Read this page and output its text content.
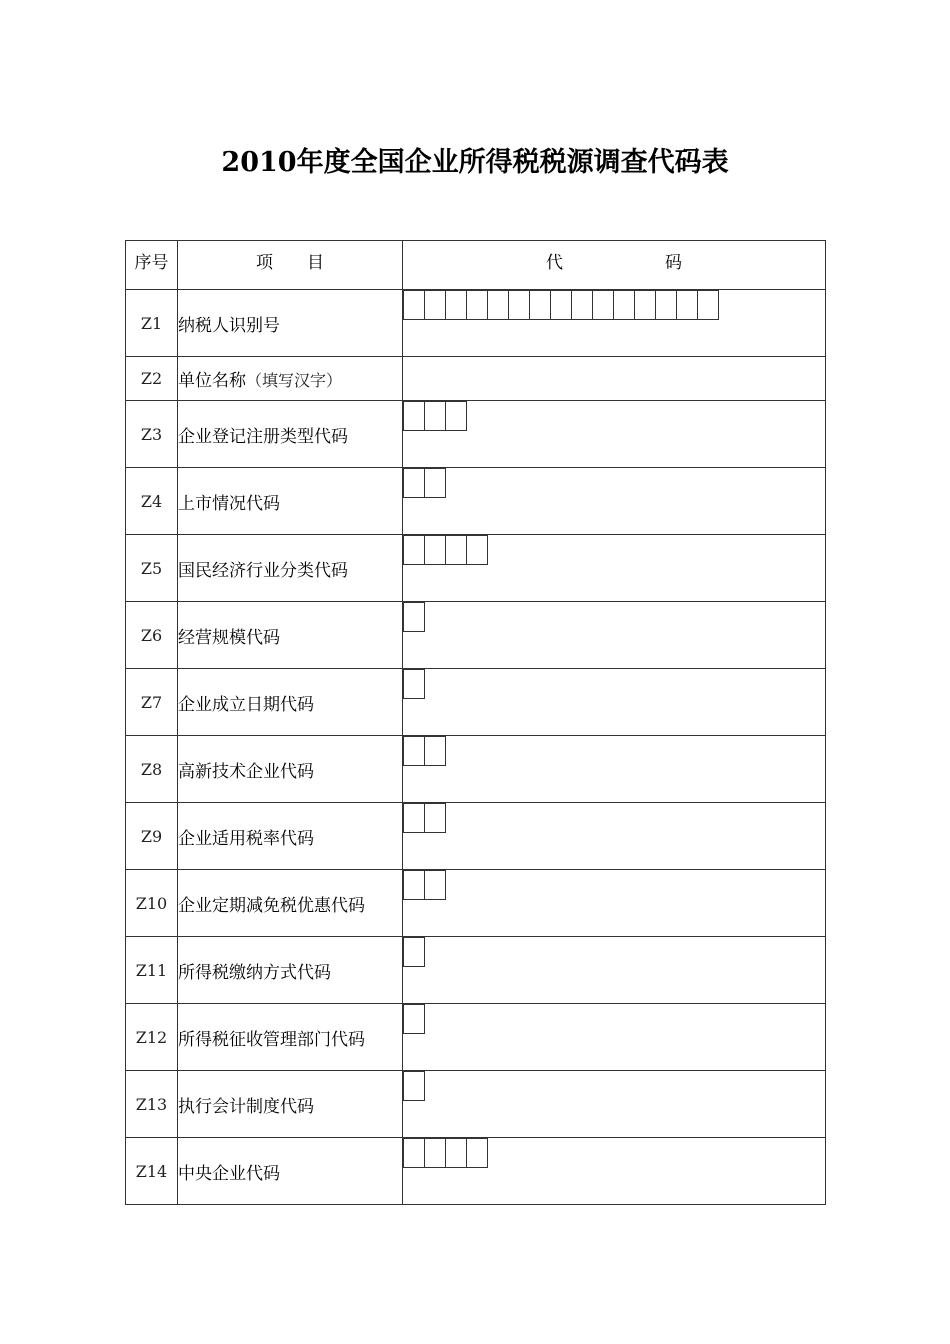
2010年度全国企业所得税税源调查代码表
序号	项　　目	代　　　　　　码
Z1	纳税人识别号	

Z2	单位名称（填写汉字）	
Z3	企业登记注册类型代码	

Z4	上市情况代码	

Z5	国民经济行业分类代码	

Z6	经营规模代码	

Z7	企业成立日期代码	

Z8	高新技术企业代码	

Z9	企业适用税率代码	

Z10	企业定期减免税优惠代码	

Z11	所得税缴纳方式代码	

Z12	所得税征收管理部门代码	

Z13	执行会计制度代码	

Z14	中央企业代码	
